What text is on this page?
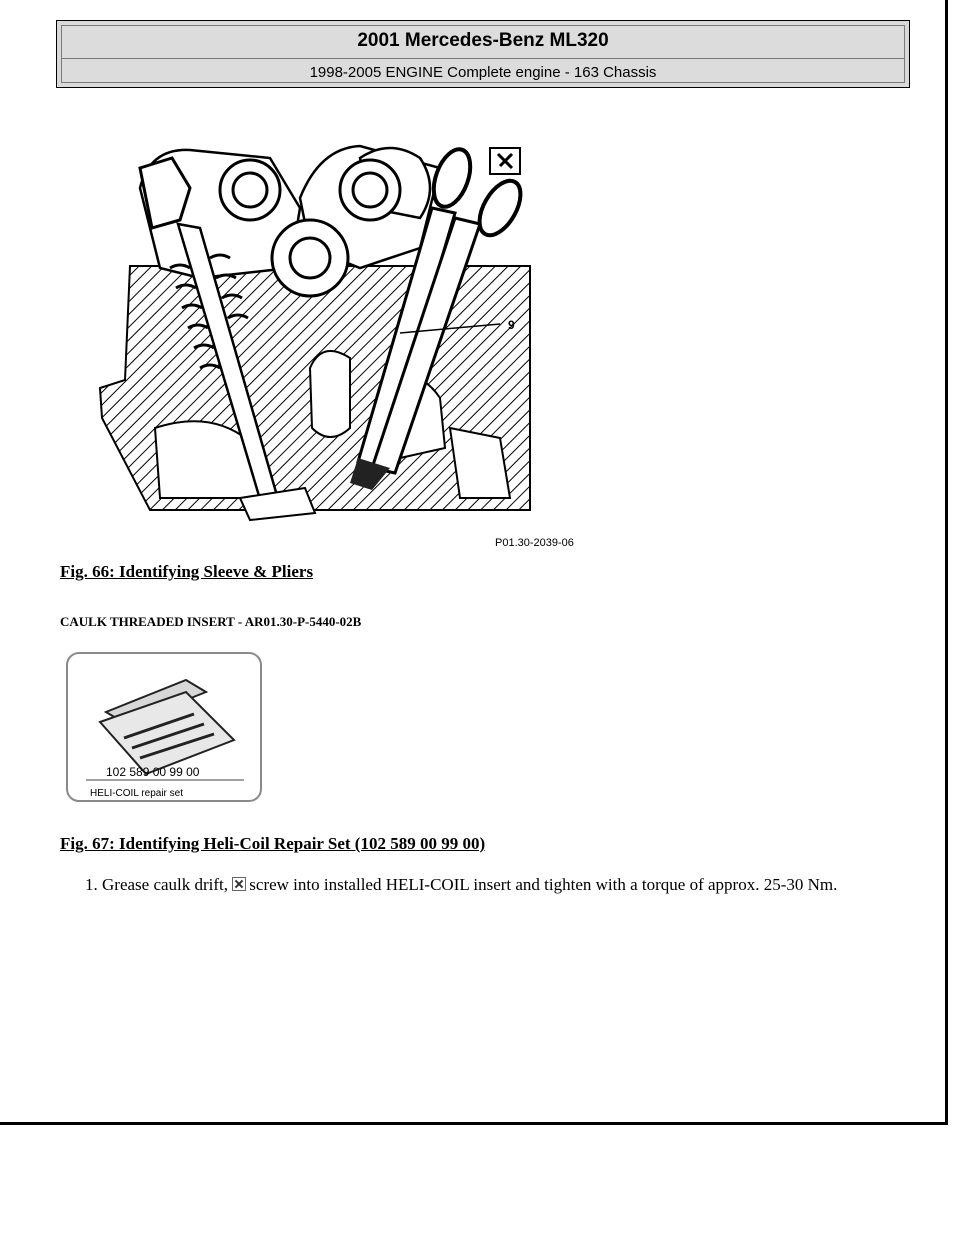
2001 Mercedes-Benz ML320
1998-2005 ENGINE Complete engine - 163 Chassis
9
P01.30-2039-06
Fig. 66: Identifying Sleeve & Pliers
CAULK THREADED INSERT - AR01.30-P-5440-02B
102 589 00 99 00
HELI-COIL repair set
Fig. 67: Identifying Heli-Coil Repair Set (102 589 00 99 00)
1. Grease caulk drift, screw into installed HELI-COIL insert and tighten with a torque of approx. 25-30 Nm.
